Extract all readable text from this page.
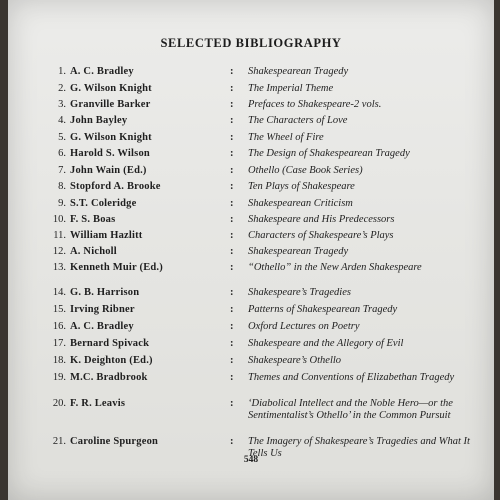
SELECTED BIBLIOGRAPHY
1. A. C. Bradley	: Shakespearean Tragedy
2. G. Wilson Knight	: The Imperial Theme
3. Granville Barker	: Prefaces to Shakespeare-2 vols.
4. John Bayley	: The Characters of Love
5. G. Wilson Knight	: The Wheel of Fire
6. Harold S. Wilson	: The Design of Shakespearean Tragedy
7. John Wain (Ed.)	: Othello (Case Book Series)
8. Stopford A. Brooke	: Ten Plays of Shakespeare
9. S.T. Coleridge	: Shakespearean Criticism
10. F. S. Boas	: Shakespeare and His Predecessors
11. William Hazlitt	: Characters of Shakespeare’s Plays
12. A. Nicholl	: Shakespearean Tragedy
13. Kenneth Muir (Ed.)	: “Othello” in the New Arden Shakespeare
14. G. B. Harrison	: Shakespeare’s Tragedies
15. Irving Ribner	: Patterns of Shakespearean Tragedy
16. A. C. Bradley	: Oxford Lectures on Poetry
17. Bernard Spivack	: Shakespeare and the Allegory of Evil
18. K. Deighton (Ed.)	: Shakespeare’s Othello
19. M.C. Bradbrook	: Themes and Conventions of Elizabethan Tragedy
20. F. R. Leavis	: ‘Diabolical Intellect and the Noble Hero—or the Sentimentalist’s Othello’ in the Common Pursuit
21. Caroline Spurgeon	: The Imagery of Shakespeare’s Tragedies and What It Tells Us
548
